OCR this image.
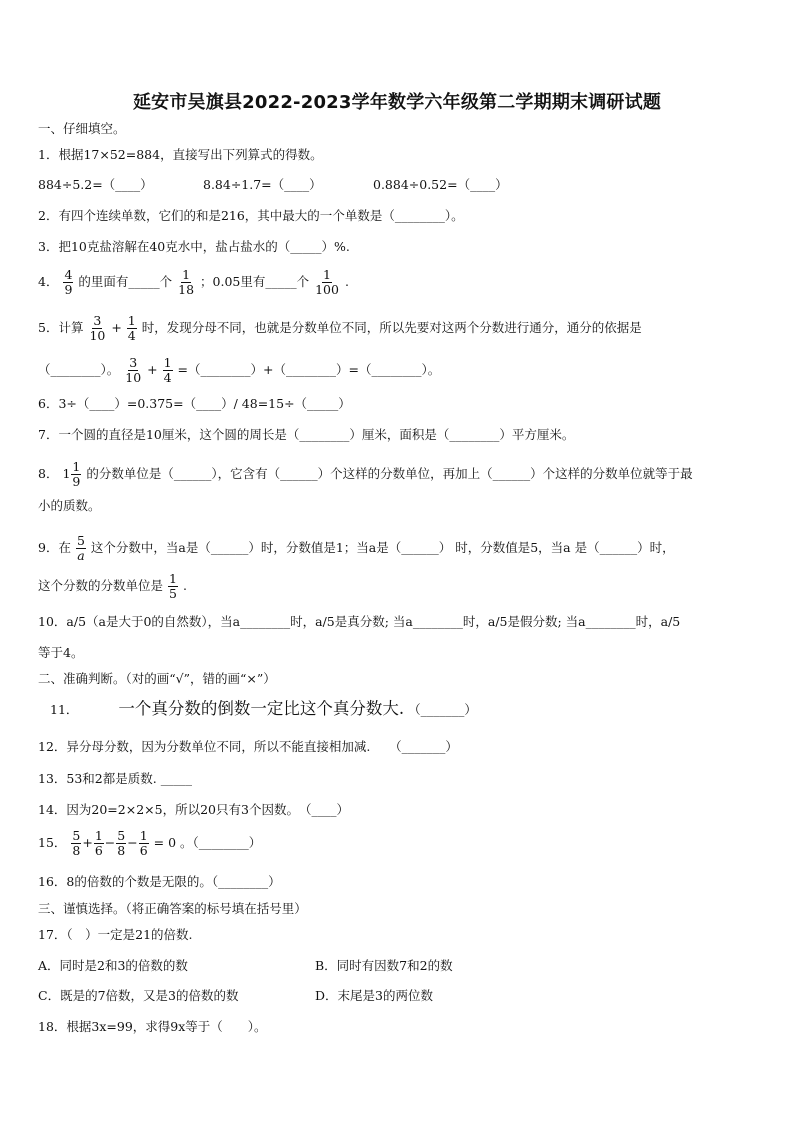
延安市吴旗县2022-2023学年数学六年级第二学期期末调研试题
一、仔细填空。
1．根据17×52=884，直接写出下列算式的得数。
884÷5.2=（____）	8.84÷1.7=（____）	0.884÷0.52=（____）
2．有四个连续单数，它们的和是216，其中最大的一个单数是（________）。
3．把10克盐溶解在40克水中，盐占盐水的（_____）%.
4． $\frac{4}{9}$ 的里面有_____个 $\frac{1}{18}$ ；0.05里有_____个 $\frac{1}{100}$ .
5．计算 $\frac{3}{10} + \frac{1}{4}$ 时，发现分母不同，也就是分数单位不同，所以先要对这两个分数进行通分，通分的依据是
（________）。 $\frac{3}{10} + \frac{1}{4}$ =（________）+（________）=（________）。
6．3÷（____）=0.375=（____）/ 48=15÷（_____）
7．一个圆的直径是10厘米，这个圆的周长是（________）厘米，面积是（________）平方厘米。
8． $1 \frac{1}{9}$ 的分数单位是（______），它含有（______）个这样的分数单位，再加上（______）个这样的分数单位就等于最
小的质数。
9．在 $\frac{5}{a}$ 这个分数中，当a是（______）时，分数值是1；当a是（______） 时，分数值是5，当a 是（______）时，
这个分数的分数单位是 $\frac{1}{5}$ .
10．a/5（a是大于0的自然数），当a________时，a/5是真分数; 当a________时，a/5是假分数; 当a________时，a/5
等于4。
二、准确判断。（对的画“√”，错的画“×”）
11． 一个真分数的倒数一定比这个真分数大. （_______）
12．异分母分数，因为分数单位不同，所以不能直接相加减.　　（_______）
13．53和2都是质数. _____
14．因为20=2×2×5，所以20只有3个因数。　（____）
15． $\frac{5}{8} + \frac{1}{6} - \frac{5}{8} - \frac{1}{6} = 0$ 。（________）
16．8的倍数的个数是无限的。（________）
三、谨慎选择。（将正确答案的标号填在括号里）
17．（　）一定是21的倍数.
A．同时是2和3的倍数的数	B．同时有因数7和2的数
C．既是的7倍数，又是3的倍数的数	D．末尾是3的两位数
18．根据3x=99，求得9x等于（　　）。
